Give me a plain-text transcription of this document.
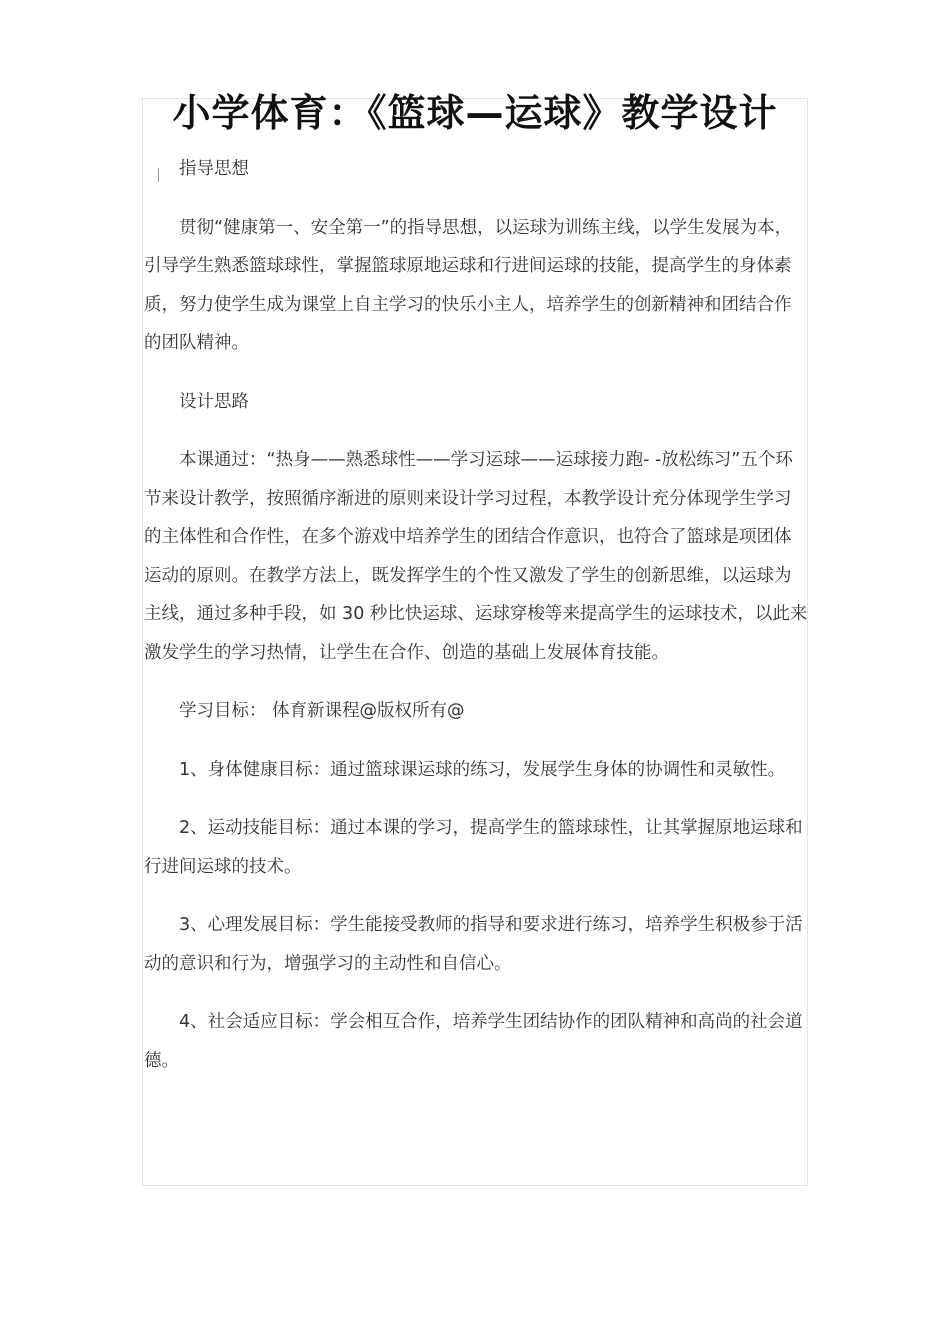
小学体育：《篮球—运球》教学设计

指导思想

贯彻“健康第一、安全第一”的指导思想，以运球为训练主线，以学生发展为本，引导学生熟悉篮球球性，掌握篮球原地运球和行进间运球的技能，提高学生的身体素质，努力使学生成为课堂上自主学习的快乐小主人，培养学生的创新精神和团结合作的团队精神。

设计思路

本课通过：“热身——熟悉球性——学习运球——运球接力跑- -放松练习”五个环节来设计教学，按照循序渐进的原则来设计学习过程，本教学设计充分体现学生学习的主体性和合作性，在多个游戏中培养学生的团结合作意识，也符合了篮球是项团体运动的原则。在教学方法上，既发挥学生的个性又激发了学生的创新思维，以运球为主线，通过多种手段，如 30 秒比快运球、运球穿梭等来提高学生的运球技术，以此来激发学生的学习热情，让学生在合作、创造的基础上发展体育技能。

学习目标： 体育新课程@版权所有@

1、身体健康目标：通过篮球课运球的练习，发展学生身体的协调性和灵敏性。

2、运动技能目标：通过本课的学习，提高学生的篮球球性，让其掌握原地运球和行进间运球的技术。

3、心理发展目标：学生能接受教师的指导和要求进行练习，培养学生积极参于活动的意识和行为，增强学习的主动性和自信心。

4、社会适应目标：学会相互合作，培养学生团结协作的团队精神和高尚的社会道德。
